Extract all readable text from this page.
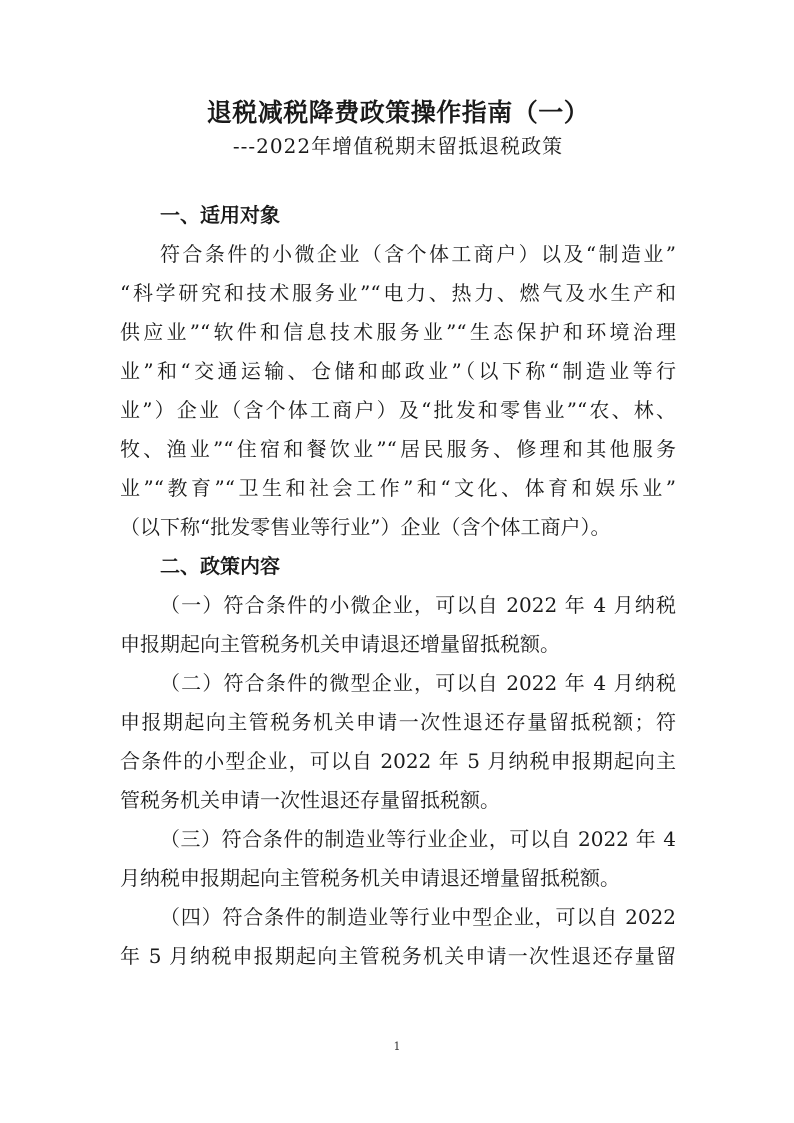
退税减税降费政策操作指南（一）
---2022年增值税期末留抵退税政策
一、适用对象
符合条件的小微企业（含个体工商户）以及“制造业”
“科学研究和技术服务业”“电力、热力、燃气及水生产和
供应业”“软件和信息技术服务业”“生态保护和环境治理
业”和“交通运输、仓储和邮政业”（以下称“制造业等行
业”）企业（含个体工商户）及“批发和零售业”“农、林、
牧、渔业”“住宿和餐饮业”“居民服务、修理和其他服务
业”“教育”“卫生和社会工作”和“文化、体育和娱乐业”
（以下称“批发零售业等行业”）企业（含个体工商户）。
二、政策内容
（一）符合条件的小微企业，可以自 2022 年 4 月纳税
申报期起向主管税务机关申请退还增量留抵税额。
（二）符合条件的微型企业，可以自 2022 年 4 月纳税
申报期起向主管税务机关申请一次性退还存量留抵税额；符
合条件的小型企业，可以自 2022 年 5 月纳税申报期起向主
管税务机关申请一次性退还存量留抵税额。
（三）符合条件的制造业等行业企业，可以自 2022 年 4
月纳税申报期起向主管税务机关申请退还增量留抵税额。
（四）符合条件的制造业等行业中型企业，可以自 2022
年 5 月纳税申报期起向主管税务机关申请一次性退还存量留
1
